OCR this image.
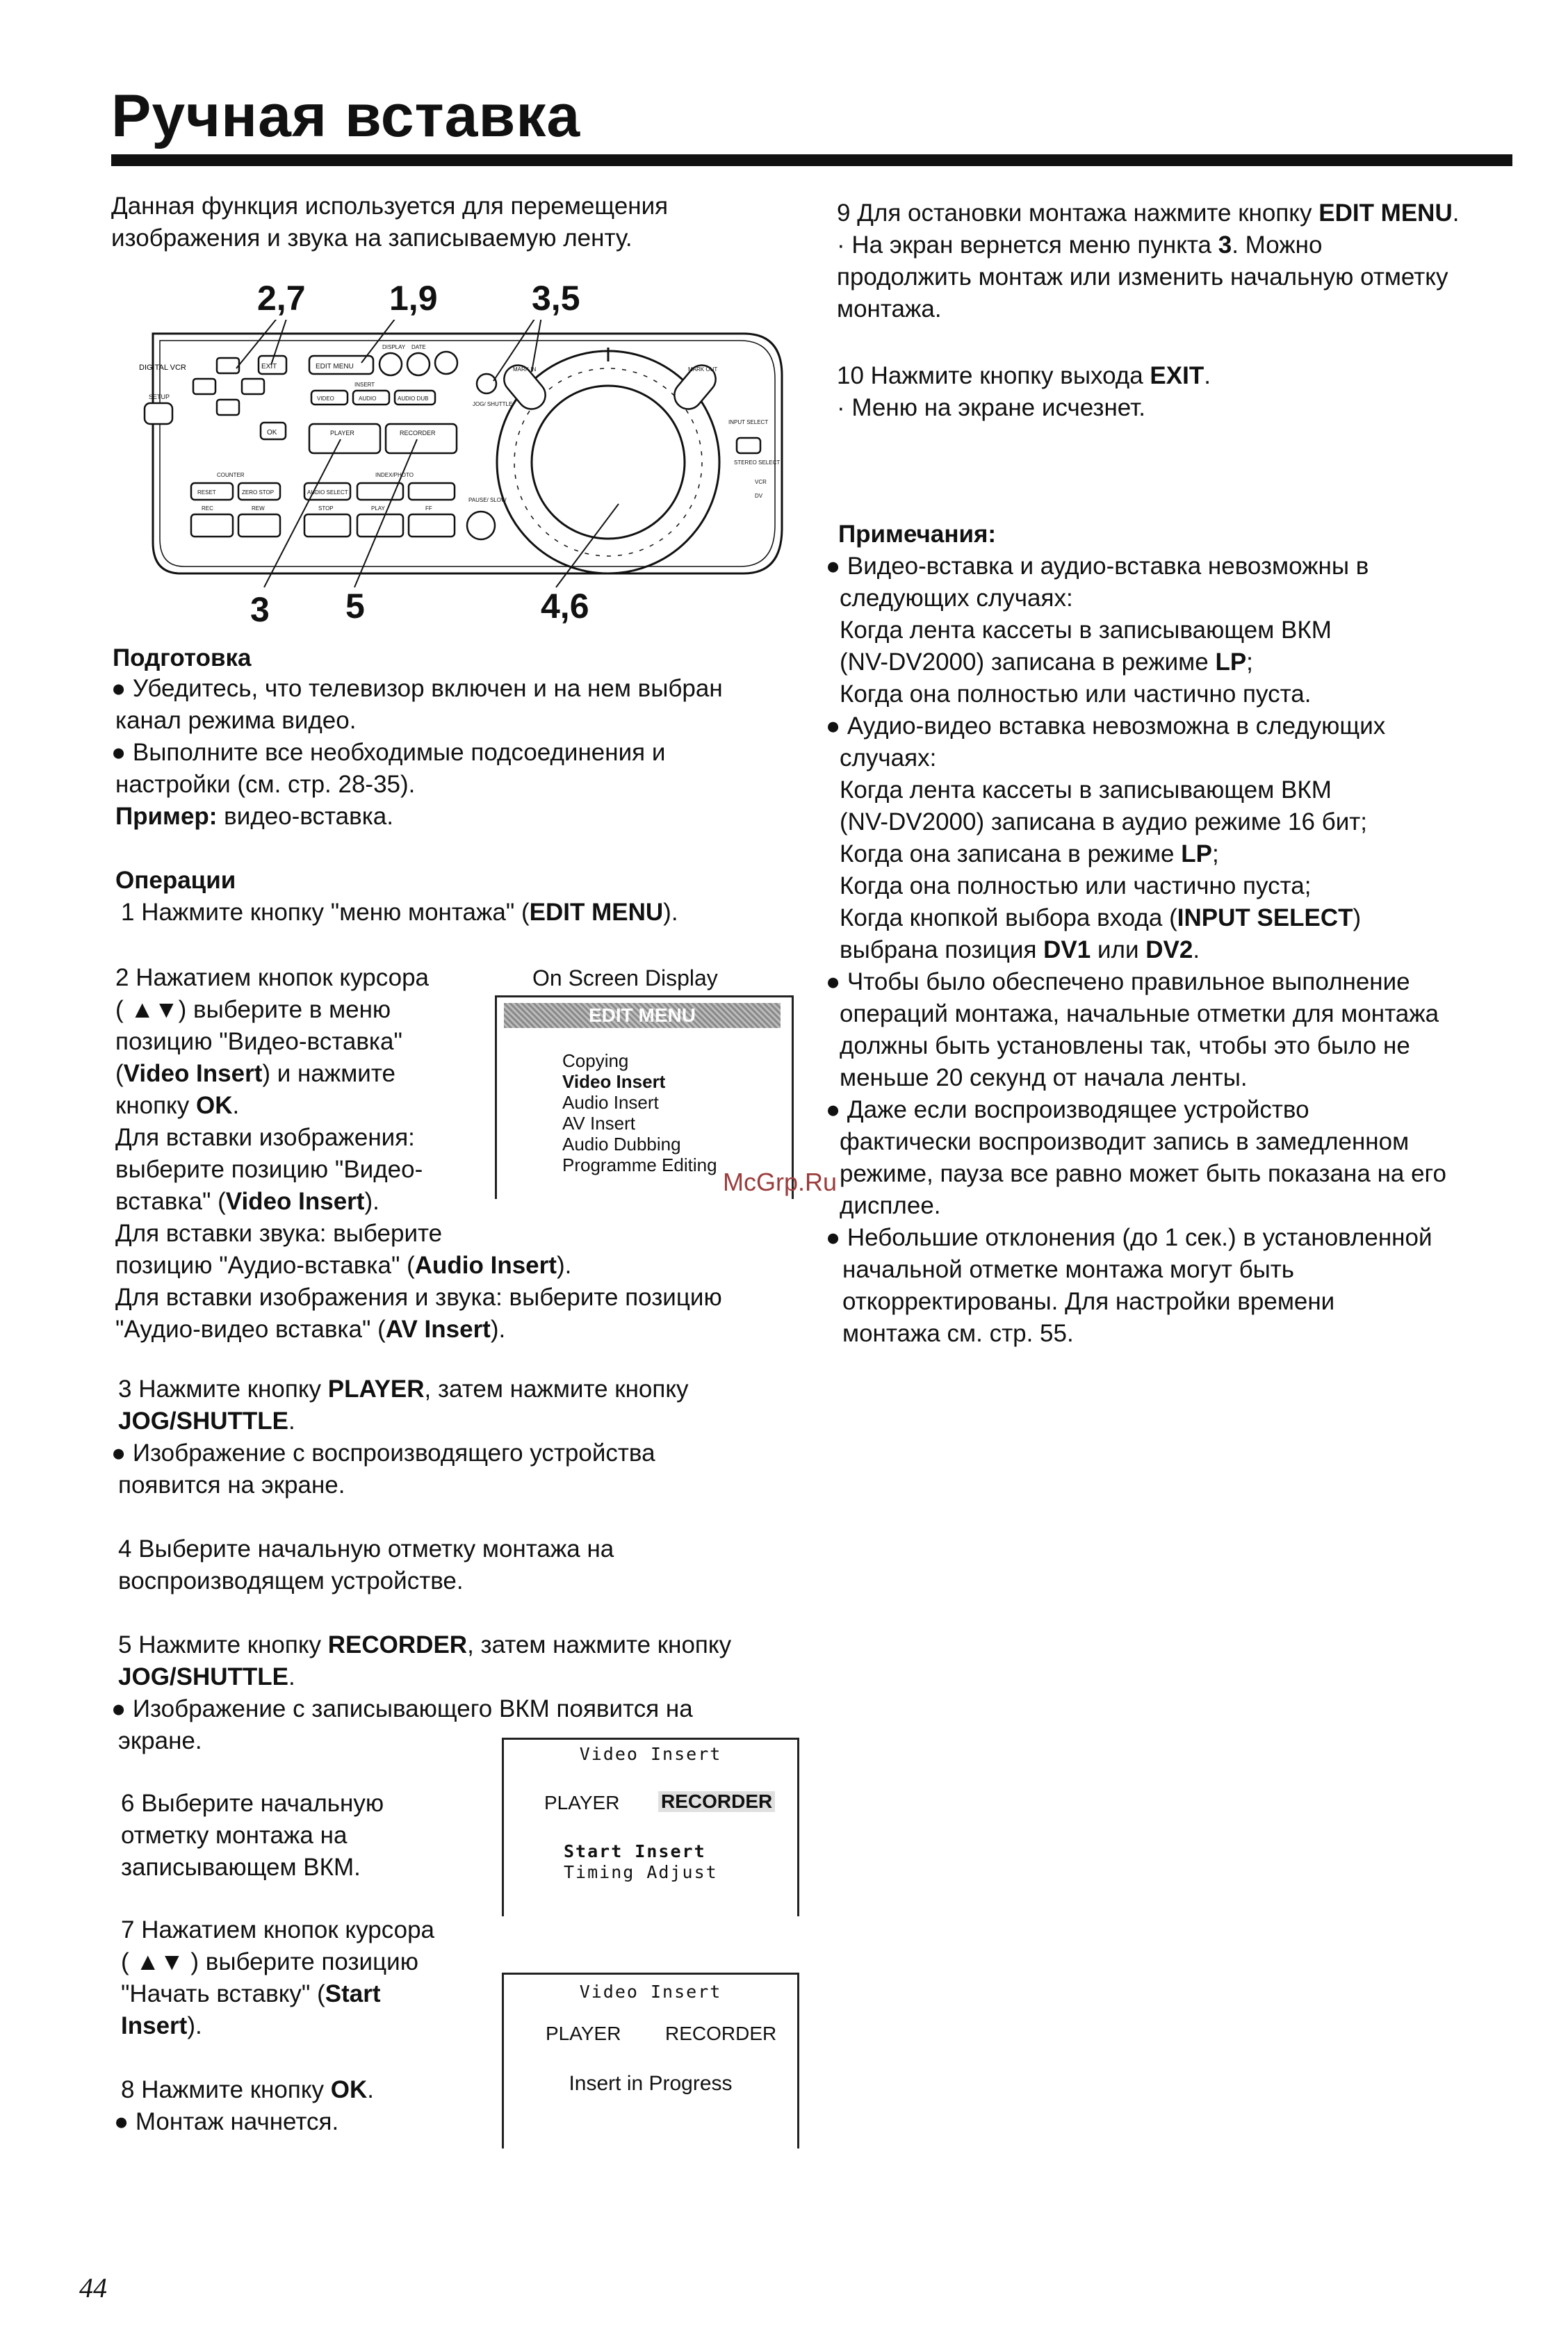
Ручная вставка
Данная функция используется для перемещения
изображения и звука на записываемую ленту.
2,7 1,9	3,5
3 5	4,6
DIGITAL VCR	EXIT	EDIT MENU
DISPLAY DATE
INSERT
VIDEO	AUDIO	AUDIO DUB
SETUP
OK	PLAYER	RECORDER
COUNTER	INDEX/PHOTO
RESET	ZERO STOP	AUDIO SELECT
REC	REW	STOP	PLAY	FF
PAUSE/ SLOW
JOG/ SHUTTLE
MARK IN	MARK OUT
INPUT SELECT
STEREO SELECT
VCR
DV
Подготовка
● Убедитесь, что телевизор включен и на нем выбран
канал режима видео.
● Выполните все необходимые подсоединения и
настройки (см. стр. 28-35).
Пример: видео-вставка.
Операции
1 Нажмите кнопку "меню монтажа" (EDIT MENU).
2 Нажатием кнопок курсора
( ▲▼) выберите в меню
позицию "Видео-вставка"
(Video Insert) и нажмите
кнопку OK.
Для вставки изображения:
выберите позицию "Видео-
вставка" (Video Insert).
Для вставки звука: выберите
позицию "Аудио-вставка" (Audio Insert).
Для вставки изображения и звука: выберите позицию
"Аудио-видео вставка" (AV Insert).
On Screen Display
EDIT MENU
Copying
Video Insert
Audio Insert
AV Insert
Audio Dubbing
Programme Editing
McGrp.Ru
3 Нажмите кнопку PLAYER, затем нажмите кнопку
JOG/SHUTTLE.
● Изображение с воспроизводящего устройства
появится на экране.
4 Выберите начальную отметку монтажа на
воспроизводящем устройстве.
5 Нажмите кнопку RECORDER, затем нажмите кнопку
JOG/SHUTTLE.
● Изображение с записывающего ВКМ появится на
экране.	Video Insert
PLAYER RECORDER
Start Insert
Timing Adjust
6 Выберите начальную
отметку монтажа на
записывающем ВКМ.
7 Нажатием кнопок курсора
( ▲▼ ) выберите позицию
"Начать вставку" (Start
Insert).
Video Insert
PLAYER RECORDER
Insert in Progress
8 Нажмите кнопку OK.
● Монтаж начнется.
9 Для остановки монтажа нажмите кнопку EDIT MENU.
· На экран вернется меню пункта 3. Можно
продолжить монтаж или изменить начальную отметку
монтажа.
10 Нажмите кнопку выхода EXIT.
· Меню на экране исчезнет.
Примечания:
● Видео-вставка и аудио-вставка невозможны в
следующих случаях:
Когда лента кассеты в записывающем ВКМ
(NV-DV2000) записана в режиме LP;
Когда она полностью или частично пуста.
● Аудио-видео вставка невозможна в следующих
случаях:
Когда лента кассеты в записывающем ВКМ
(NV-DV2000) записана в аудио режиме 16 бит;
Когда она записана в режиме LP;
Когда она полностью или частично пуста;
Когда кнопкой выбора входа (INPUT SELECT)
выбрана позиция DV1 или DV2.
● Чтобы было обеспечено правильное выполнение
операций монтажа, начальные отметки для монтажа
должны быть установлены так, чтобы это было не
меньше 20 секунд от начала ленты.
● Даже если воспроизводящее устройство
фактически воспроизводит запись в замедленном
режиме, пауза все равно может быть показана на его
дисплее.
● Небольшие отклонения (до 1 сек.) в установленной
начальной отметке монтажа могут быть
откорректированы. Для настройки времени
монтажа см. стр. 55.
44
